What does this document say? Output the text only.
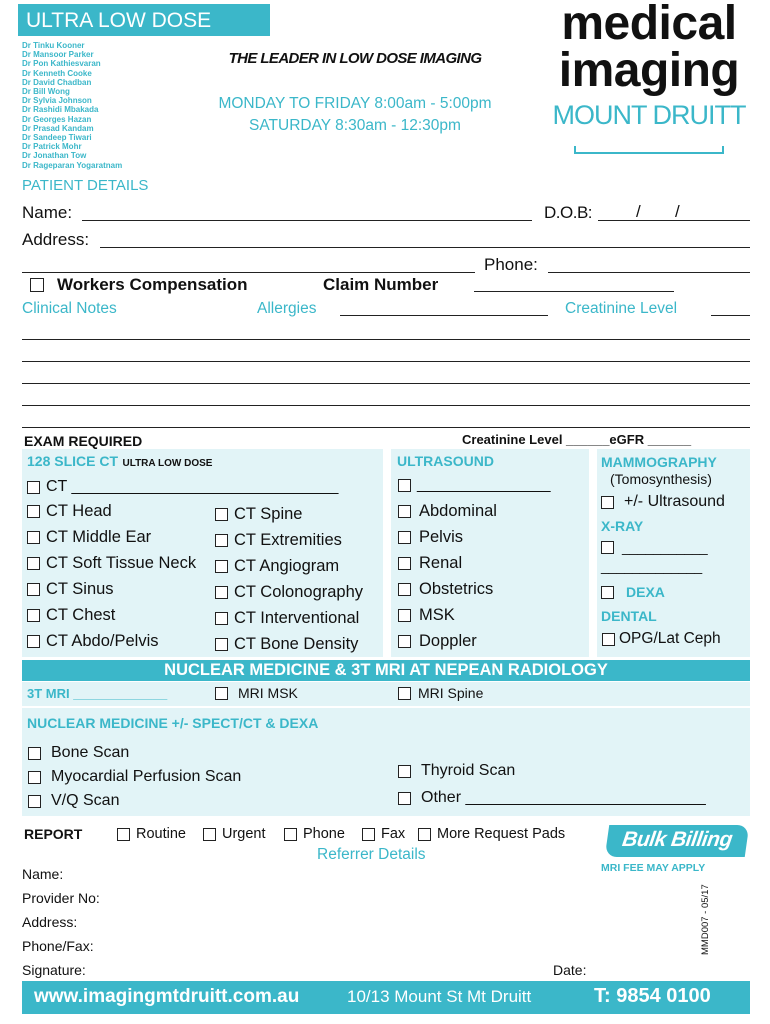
ULTRA LOW DOSE
Dr Tinku Kooner
Dr Mansoor Parker
Dr Pon Kathiesvaran
Dr Kenneth Cooke
Dr David Chadban
Dr Bill Wong
Dr Sylvia Johnson
Dr Rashidi Mbakada
Dr Georges Hazan
Dr Prasad Kandam
Dr Sandeep Tiwari
Dr Patrick Mohr
Dr Jonathan Tow
Dr Rageparan Yogaratnam
THE LEADER IN LOW DOSE IMAGING
MONDAY TO FRIDAY 8:00am - 5:00pm
SATURDAY 8:30am - 12:30pm
medical
imaging
MOUNT DRUITT
PATIENT DETAILS
Name:	D.O.B:	/ /
Address:
Phone:
Workers Compensation	Claim Number
Clinical Notes	Allergies	Creatinine Level
EXAM REQUIRED	Creatinine Level ______eGFR ______
128 SLICE CT ULTRA LOW DOSE
CT ______________________________
CT Head
CT Middle Ear
CT Soft Tissue Neck
CT Sinus
CT Chest
CT Abdo/Pelvis
CT Spine
CT Extremities
CT Angiogram
CT Colonography
CT Interventional
CT Bone Density
ULTRASOUND
_______________
Abdominal
Pelvis
Renal
Obstetrics
MSK
Doppler
MAMMOGRAPHY
(Tomosynthesis)
+/- Ultrasound
X-RAY
___________
_____________
DEXA
DENTAL
OPG/Lat Ceph
NUCLEAR MEDICINE & 3T MRI AT NEPEAN RADIOLOGY
3T MRI _____________	MRI MSK	MRI Spine
NUCLEAR MEDICINE +/- SPECT/CT & DEXA
Bone Scan
Myocardial Perfusion Scan
V/Q Scan
Thyroid Scan
Other ___________________________
REPORT	Routine Urgent	Phone Fax More Request Pads
Referrer Details
Bulk Billing
MRI FEE MAY APPLY
Name:
Provider No:
Address:
Phone/Fax:
Signature:	Date:
MMD007 - 05/17
www.imagingmtdruitt.com.au	10/13 Mount St Mt Druitt	T: 9854 0100
